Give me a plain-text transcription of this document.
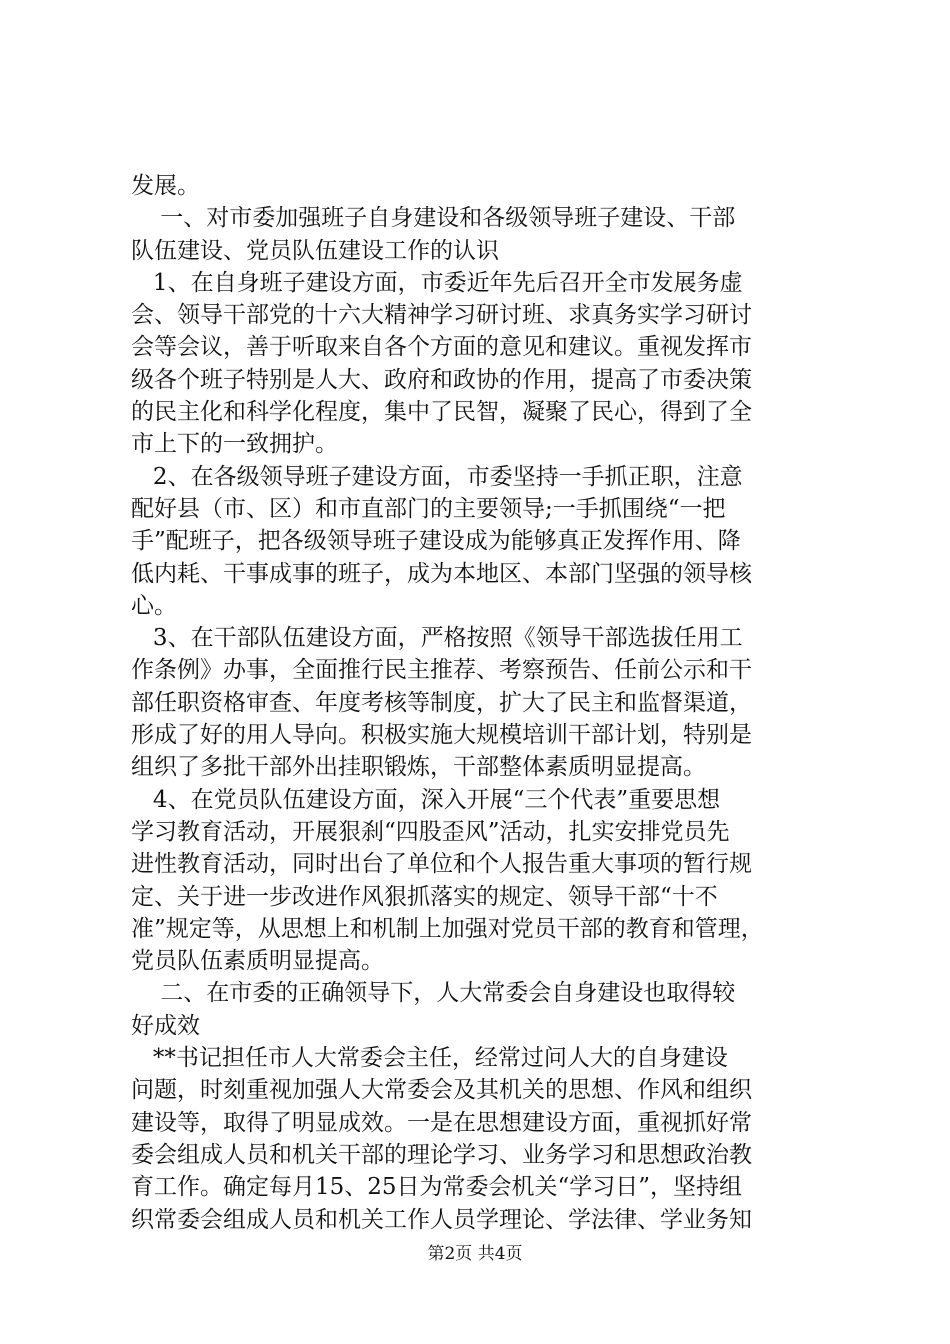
发展。
一、对市委加强班子自身建设和各级领导班子建设、干部
队伍建设、党员队伍建设工作的认识
1、在自身班子建设方面，市委近年先后召开全市发展务虚
会、领导干部党的十六大精神学习研讨班、求真务实学习研讨
会等会议，善于听取来自各个方面的意见和建议。重视发挥市
级各个班子特别是人大、政府和政协的作用，提高了市委决策
的民主化和科学化程度，集中了民智，凝聚了民心，得到了全
市上下的一致拥护。
2、在各级领导班子建设方面，市委坚持一手抓正职，注意
配好县（市、区）和市直部门的主要领导;一手抓围绕“一把
手”配班子，把各级领导班子建设成为能够真正发挥作用、降
低内耗、干事成事的班子，成为本地区、本部门坚强的领导核
心。
3、在干部队伍建设方面，严格按照《领导干部选拔任用工
作条例》办事，全面推行民主推荐、考察预告、任前公示和干
部任职资格审查、年度考核等制度，扩大了民主和监督渠道，
形成了好的用人导向。积极实施大规模培训干部计划，特别是
组织了多批干部外出挂职锻炼，干部整体素质明显提高。
4、在党员队伍建设方面，深入开展“三个代表”重要思想
学习教育活动，开展狠刹“四股歪风”活动，扎实安排党员先
进性教育活动，同时出台了单位和个人报告重大事项的暂行规
定、关于进一步改进作风狠抓落实的规定、领导干部“十不
准”规定等，从思想上和机制上加强对党员干部的教育和管理，
党员队伍素质明显提高。
二、在市委的正确领导下，人大常委会自身建设也取得较
好成效
**书记担任市人大常委会主任，经常过问人大的自身建设
问题，时刻重视加强人大常委会及其机关的思想、作风和组织
建设等，取得了明显成效。一是在思想建设方面，重视抓好常
委会组成人员和机关干部的理论学习、业务学习和思想政治教
育工作。确定每月15、25日为常委会机关“学习日”，坚持组
织常委会组成人员和机关工作人员学理论、学法律、学业务知
第2页 共4页
